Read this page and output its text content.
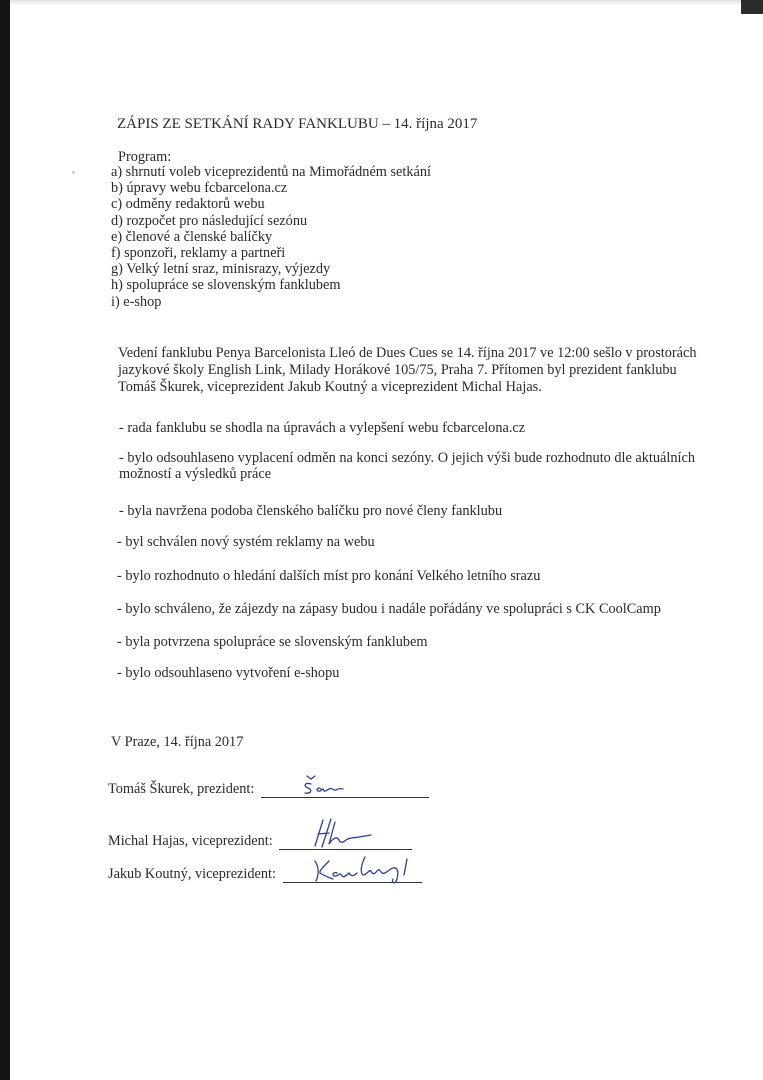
ZÁPIS ZE SETKÁNÍ RADY FANKLUBU – 14. října 2017
Program:
a) shrnutí voleb viceprezidentů na Mimořádném setkání
b) úpravy webu fcbarcelona.cz
c) odměny redaktorů webu
d) rozpočet pro následující sezónu
e) členové a členské balíčky
f) sponzoři, reklamy a partneři
g) Velký letní sraz, minisrazy, výjezdy
h) spolupráce se slovenským fanklubem
i) e-shop
Vedení fanklubu Penya Barcelonista Lleó de Dues Cues se 14. října 2017 ve 12:00 sešlo v prostorách
jazykové školy English Link, Milady Horákové 105/75, Praha 7. Přítomen byl prezident fanklubu
Tomáš Škurek, viceprezident Jakub Koutný a viceprezident Michal Hajas.
- rada fanklubu se shodla na úpravách a vylepšení webu fcbarcelona.cz
- bylo odsouhlaseno vyplacení odměn na konci sezóny. O jejich výši bude rozhodnuto dle aktuálních
možností a výsledků práce
- byla navržena podoba členského balíčku pro nové členy fanklubu
- byl schválen nový systém reklamy na webu
- bylo rozhodnuto o hledání dalších míst pro konání Velkého letního srazu
- bylo schváleno, že zájezdy na zápasy budou i nadále pořádány ve spolupráci s CK CoolCamp
- byla potvrzena spolupráce se slovenským fanklubem
- bylo odsouhlaseno vytvoření e-shopu
V Praze, 14. října 2017
Tomáš Škurek, prezident:
Michal Hajas, viceprezident:
Jakub Koutný, viceprezident:
